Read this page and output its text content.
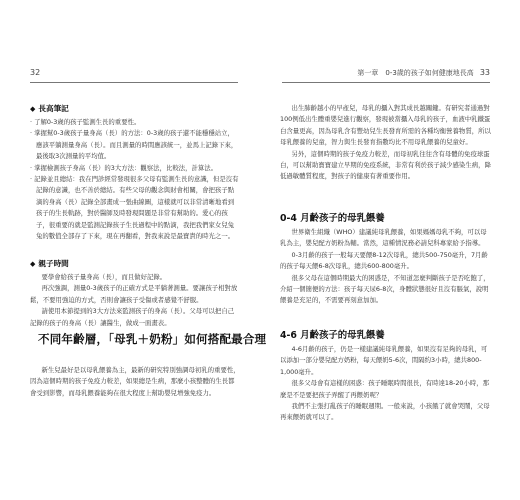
32
◆ 長高筆記
· 了解0-3歲的孩子監測生長的重要性。
· 掌握幫0-3歲孩子量身高（長）的方法：0-3歲的孩子還不能穩穩站立，應該平躺測量身高（長）。而且測量的時間應該統一，並馬上記錄下來，最後取3次測量的平均值。
· 掌握檢測孩子身高（長）的3大方法：觀察法，比較法，計算法。
· 記錄並且總結：我在門診經常發現很多父母有監測生長的意識，但是沒有記錄的意識，也不善於總結。有些父母的觀念與財會相關，會把孩子點滴的身高（長）記錄全部畫成一張曲線圖，這樣就可以非常清晰地看到孩子的生長軌跡，對於醫師及時發現問題是非常有幫助的。愛心的孩子，很重要的就是監測記錄孩子生長過程中的點滴，我把我們家女兒兔兔的數值全部存了下來，現在再翻看，對我來說是最寶貴的時光之一。
◆ 親子時間

要學會給孩子量身高（長），而且做好記錄。

再次強調，測量0-3歲孩子的正確方式是平躺著測量。要讓孩子相對放鬆，不要用強迫的方式，否則會讓孩子受傷或者感覺不舒服。

請使用本節提到的3大方法來監測孩子的身高（長）。父母可以把自己記錄的孩子的身高（長）讓醫生，做成一面畫表。

不同年齡層，「母乳＋奶粉」如何搭配最合理

新生兒最好是以母乳餵養為主，最新的研究特別強調母初乳的重要性，因為這個時期的孩子免疫力較差，如果總是生病，那麼小孩整體的生長都會受到影響，而母乳餵養能夠在很大程度上幫助嬰兒增強免疫力。

第一章　0-3歲的孩子如何健康地長高 33

出生肺齡越小的早產兒，母乳的攝入對其成長越關鍵。有研究者通過對100例低出生體重嬰兒進行觀察，發現被當攝入母乳的孩子，血液中乳鐵蛋白含量更高，因為母乳含有豐幼兒生長發育所需的各種均衡營養物質，所以母乳餵養的兒童，智力與生長發育指數均比不用母乳餵養的兒童好。

另外，這個時期的孩子免疫力較差，而母初乳往往含有母體的免疫球蛋白，可以幫助寶寶建立早期的免疫系統，非常有利於孩子減少感染生病，降低過敏體質程度，對孩子的健康有著重要作用。

0-4 月齡孩子的母乳餵養

世界衛生組織（WHO）建議純母乳餵養，如果媽媽母乳不夠，可以母乳為主，嬰兒配方奶粉為輔。當然，這種情況務必請兒科專家給予指導。

0-3月齡的孩子一般每天要餵8-12次母乳，總共500-750毫升，7月齡的孩子每天餵6-8次母乳，總共600-800毫升。

很多父母在這個時期最大的困惑是，不知道怎麼判斷孩子是否吃飽了，介紹一個簡便的方法：孩子每天尿6-8次，身體狀態很好且沒有脹氣，說明餵養是充足的，不需要再刻意加加。

4-6 月齡孩子的母乳餵養

4-6月齡的孩子，仍是一樣建議純母乳餵養，如果沒有足夠的母乳，可以添加一部分嬰兒配方奶粉，每天餵奶5-6次，間隔約3小時，總共800-1,000毫升。

很多父母會有這樣的困惑：孩子睡眠時間很長，有時達18-20小時，那麼是不是要把孩子弄醒了再餵奶呢？

我們不主張打亂孩子的睡眠週期。一般來說，小孩餓了就會哭鬧，父母再來餵奶就可以了。
